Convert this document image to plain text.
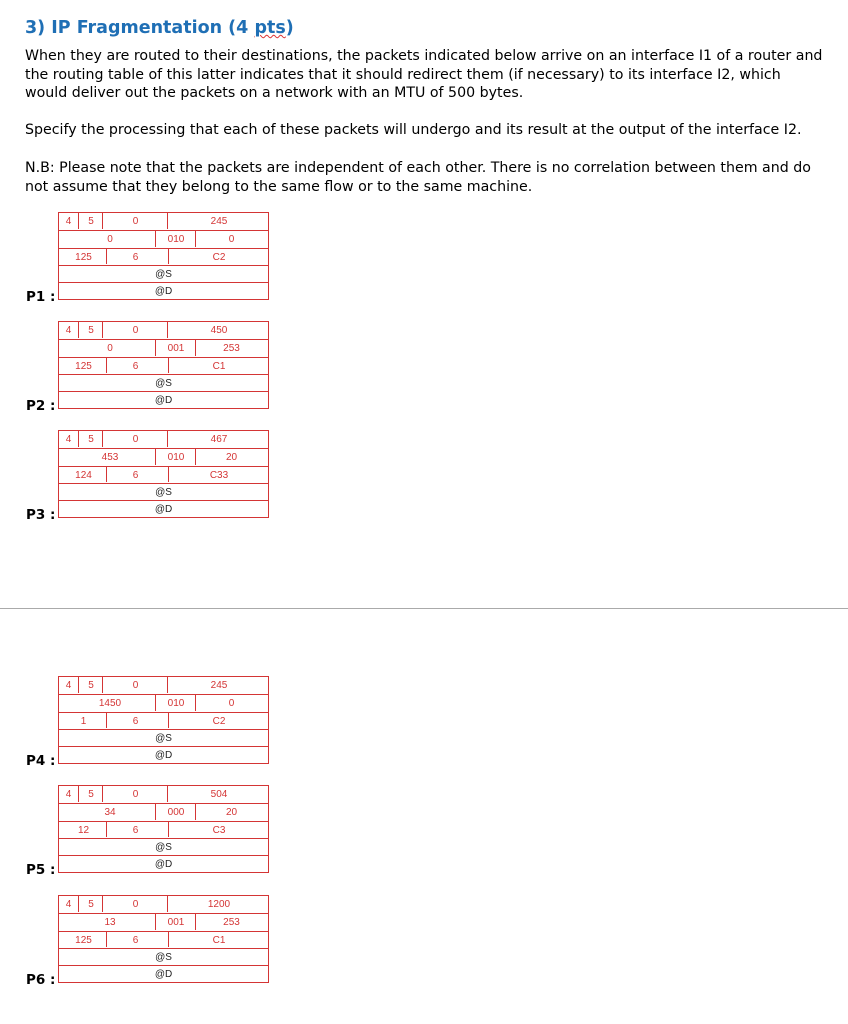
3) IP Fragmentation (4 pts)
When they are routed to their destinations, the packets indicated below arrive on an interface I1 of a router and the routing table of this latter indicates that it should redirect them (if necessary) to its interface I2, which would deliver out the packets on a network with an MTU of 500 bytes.
Specify the processing that each of these packets will undergo and its result at the output of the interface I2.
N.B: Please note that the packets are independent of each other. There is no correlation between them and do not assume that they belong to the same flow or to the same machine.
P1 :
4	5	0	245
0	010	0
125	6	C2
@S
@D
P2 :
4	5	0	450
0	001	253
125	6	C1
@S
@D
P3 :
4	5	0	467
453	010	20
124	6	C33
@S
@D
P4 :
4	5	0	245
1450	010	0
1	6	C2
@S
@D
P5 :
4	5	0	504
34	000	20
12	6	C3
@S
@D
P6 :
4	5	0	1200
13	001	253
125	6	C1
@S
@D
